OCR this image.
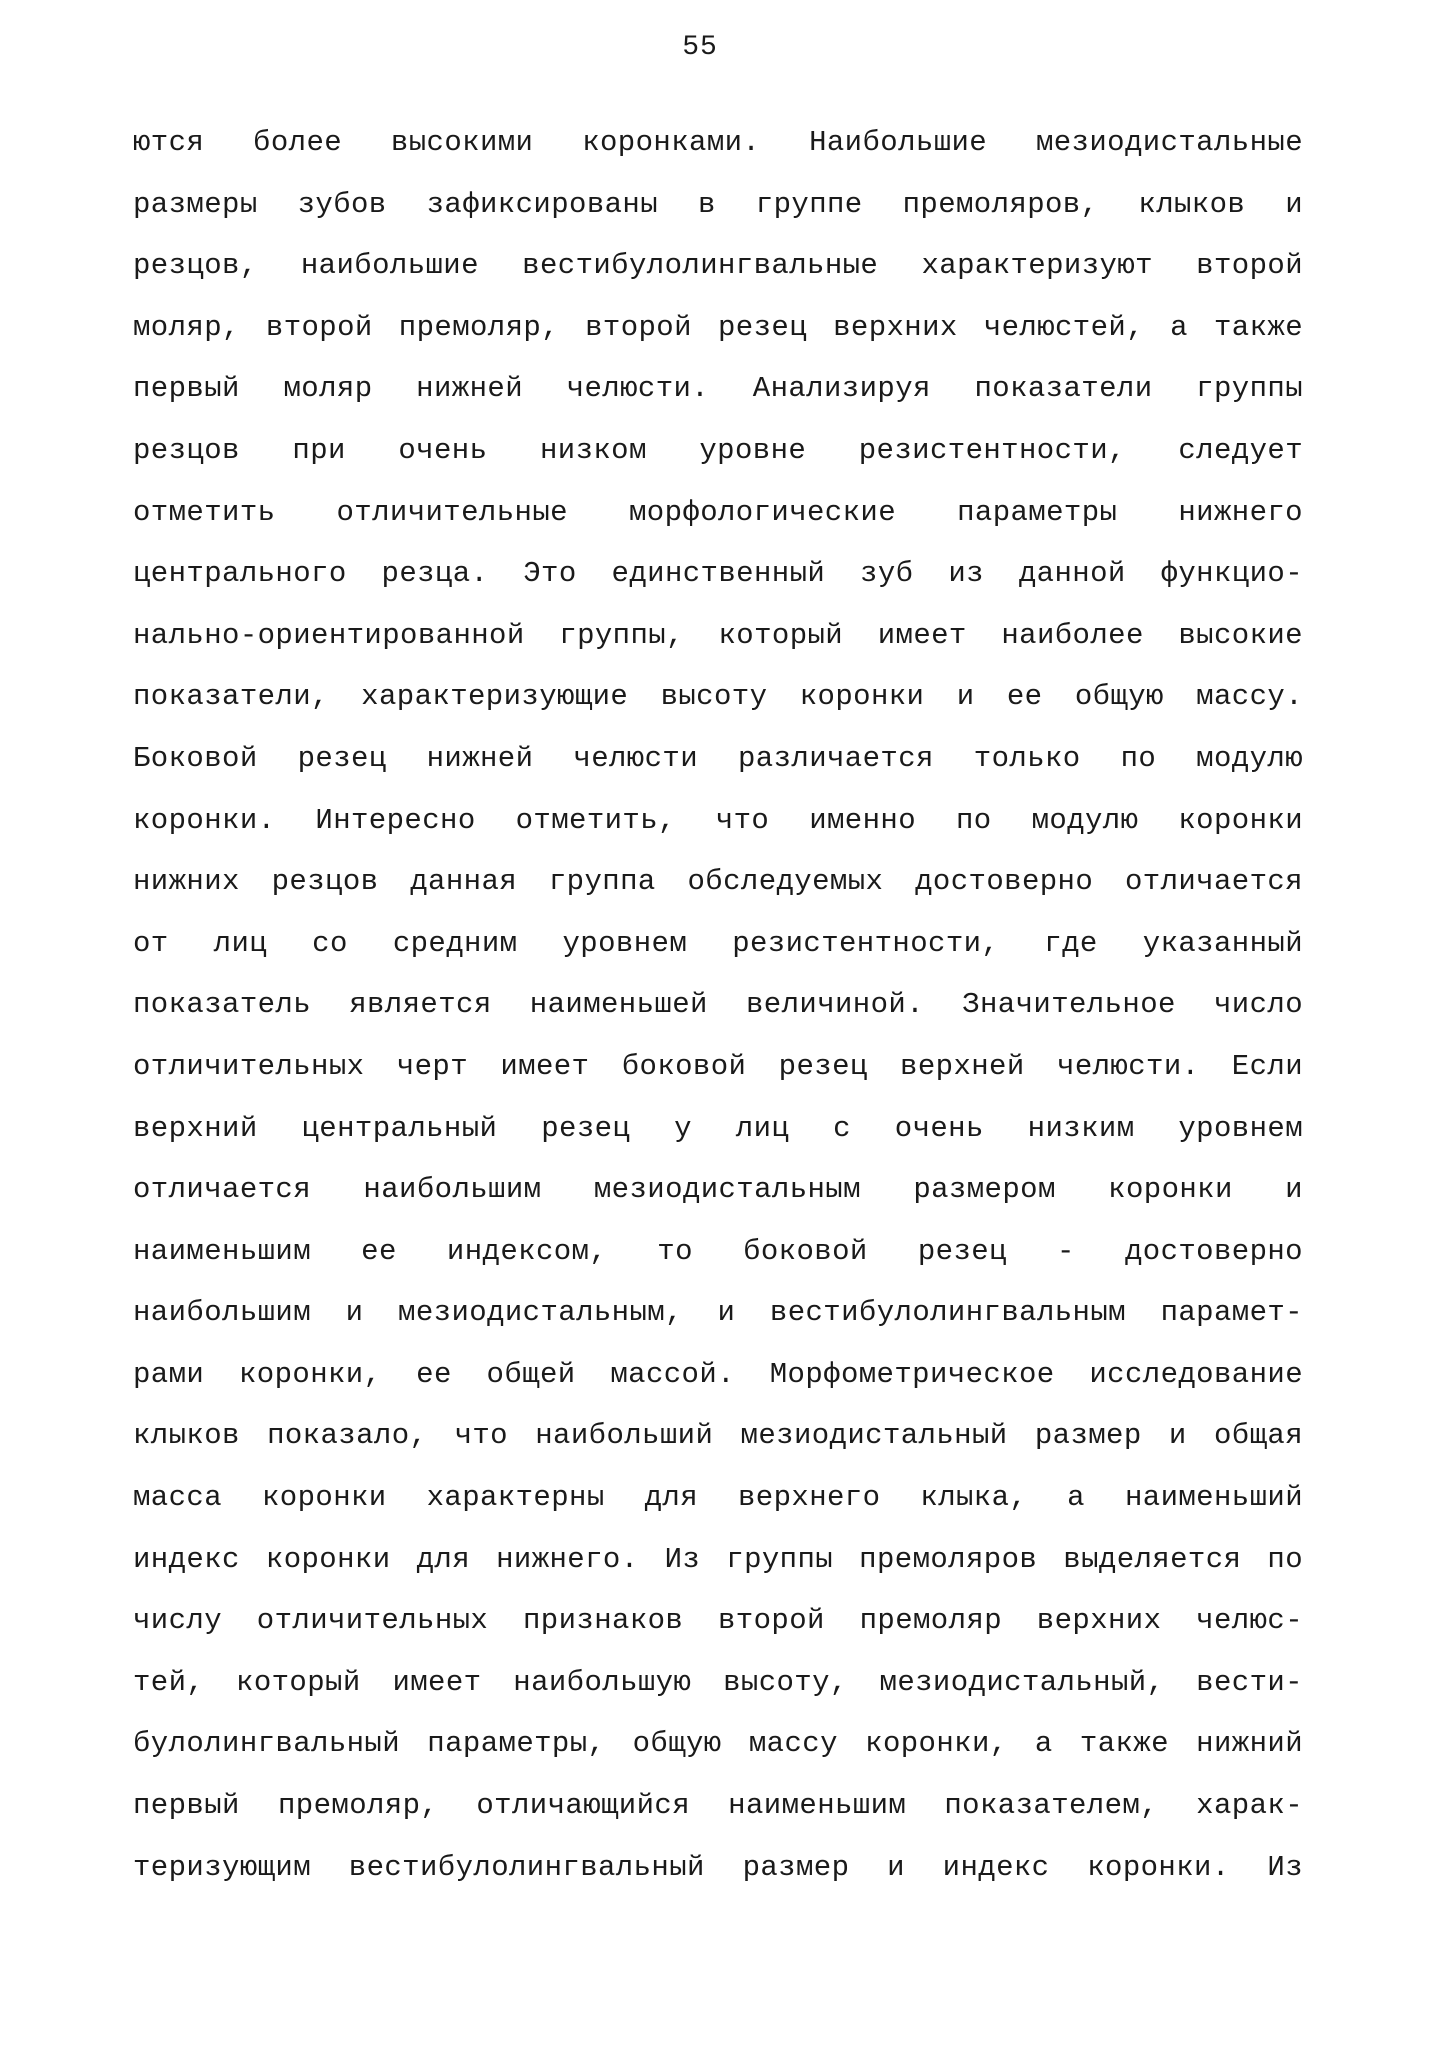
55
ются более высокими коронками. Наибольшие мезиодистальные
размеры зубов зафиксированы в группе премоляров, клыков и
резцов, наибольшие вестибулолингвальные характеризуют второй
моляр, второй премоляр, второй резец верхних челюстей, а также
первый моляр нижней челюсти. Анализируя показатели группы
резцов при очень низком уровне резистентности, следует
отметить отличительные морфологические параметры нижнего
центрального резца. Это единственный зуб из данной функцио-
нально-ориентированной группы, который имеет наиболее высокие
показатели, характеризующие высоту коронки и ее общую массу.
Боковой резец нижней челюсти различается только по модулю
коронки. Интересно отметить, что именно по модулю коронки
нижних резцов данная группа обследуемых достоверно отличается
от лиц со средним уровнем резистентности, где указанный
показатель является наименьшей величиной. Значительное число
отличительных черт имеет боковой резец верхней челюсти. Если
верхний центральный резец у лиц с очень низким уровнем
отличается наибольшим мезиодистальным размером коронки и
наименьшим ее индексом, то боковой резец - достоверно
наибольшим и мезиодистальным, и вестибулолингвальным парамет-
рами коронки, ее общей массой. Морфометрическое исследование
клыков показало, что наибольший мезиодистальный размер и общая
масса коронки характерны для верхнего клыка, а наименьший
индекс коронки для нижнего. Из группы премоляров выделяется по
числу отличительных признаков второй премоляр верхних челюс-
тей, который имеет наибольшую высоту, мезиодистальный, вести-
булолингвальный параметры, общую массу коронки, а также нижний
первый премоляр, отличающийся наименьшим показателем, харак-
теризующим вестибулолингвальный размер и индекс коронки. Из
